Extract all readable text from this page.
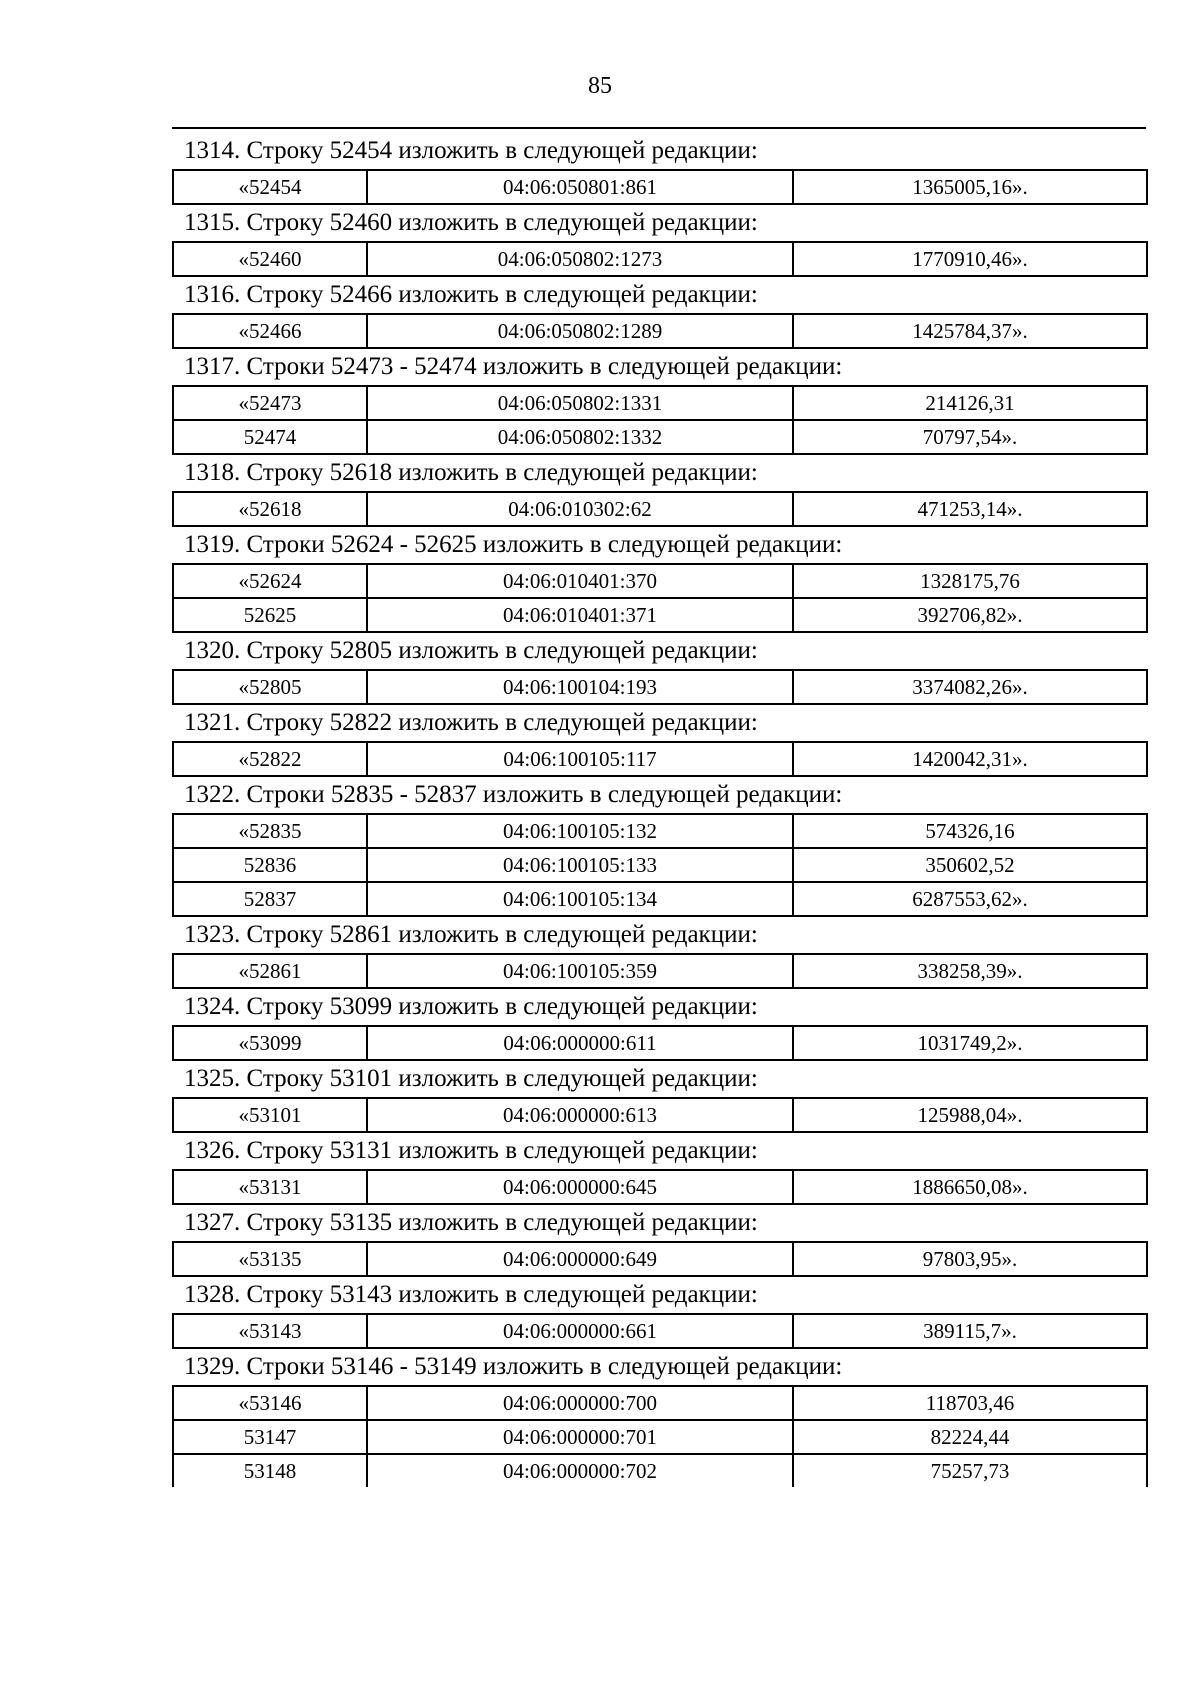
85
1314. Строку 52454 изложить в следующей редакции:
«52454	04:06:050801:861	1365005,16».
1315. Строку 52460 изложить в следующей редакции:
«52460	04:06:050802:1273	1770910,46».
1316. Строку 52466 изложить в следующей редакции:
«52466	04:06:050802:1289	1425784,37».
1317. Строки 52473 - 52474 изложить в следующей редакции:
«52473	04:06:050802:1331	214126,31
52474	04:06:050802:1332	70797,54».
1318. Строку 52618 изложить в следующей редакции:
«52618	04:06:010302:62	471253,14».
1319. Строки 52624 - 52625 изложить в следующей редакции:
«52624	04:06:010401:370	1328175,76
52625	04:06:010401:371	392706,82».
1320. Строку 52805 изложить в следующей редакции:
«52805	04:06:100104:193	3374082,26».
1321. Строку 52822 изложить в следующей редакции:
«52822	04:06:100105:117	1420042,31».
1322. Строки 52835 - 52837 изложить в следующей редакции:
«52835	04:06:100105:132	574326,16
52836	04:06:100105:133	350602,52
52837	04:06:100105:134	6287553,62».
1323. Строку 52861 изложить в следующей редакции:
«52861	04:06:100105:359	338258,39».
1324. Строку 53099 изложить в следующей редакции:
«53099	04:06:000000:611	1031749,2».
1325. Строку 53101 изложить в следующей редакции:
«53101	04:06:000000:613	125988,04».
1326. Строку 53131 изложить в следующей редакции:
«53131	04:06:000000:645	1886650,08».
1327. Строку 53135 изложить в следующей редакции:
«53135	04:06:000000:649	97803,95».
1328. Строку 53143 изложить в следующей редакции:
«53143	04:06:000000:661	389115,7».
1329. Строки 53146 - 53149 изложить в следующей редакции:
«53146	04:06:000000:700	118703,46
53147	04:06:000000:701	82224,44
53148	04:06:000000:702	75257,73
